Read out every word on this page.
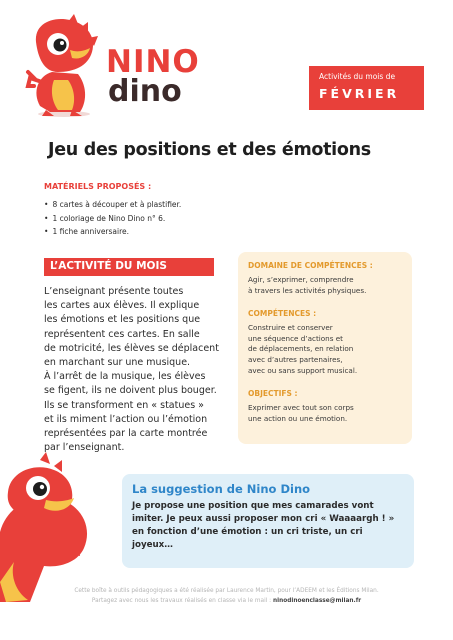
NINO
dino	Activités du mois de
FÉVRIER
Jeu des positions et des émotions
MATÉRIELS PROPOSÉS :
• 8 cartes à découper et à plastifier.
• 1 coloriage de Nino Dino n° 6.
• 1 fiche anniversaire.
L’ACTIVITÉ DU MOIS
L’enseignant présente toutes
les cartes aux élèves. Il explique
les émotions et les positions que
représentent ces cartes. En salle
de motricité, les élèves se déplacent
en marchant sur une musique.
À l’arrêt de la musique, les élèves
se figent, ils ne doivent plus bouger.
Ils se transforment en « statues »
et ils miment l’action ou l’émotion
représentées par la carte montrée
par l’enseignant.
DOMAINE DE COMPÉTENCES :
Agir, s’exprimer, comprendre
à travers les activités physiques.
COMPÉTENCES :
Construire et conserver
une séquence d’actions et
de déplacements, en relation
avec d’autres partenaires,
avec ou sans support musical.
OBJECTIFS :
Exprimer avec tout son corps
une action ou une émotion.
La suggestion de Nino Dino
Je propose une position que mes camarades vont
imiter. Je peux aussi proposer mon cri « Waaaargh ! »
en fonction d’une émotion : un cri triste, un cri
joyeux…
Cette boîte à outils pédagogiques a été réalisée par Laurence Martin, pour l’ADEEM et les Éditions Milan.
Partagez avec nous les travaux réalisés en classe via le mail : ninodinoenclasse@milan.fr
